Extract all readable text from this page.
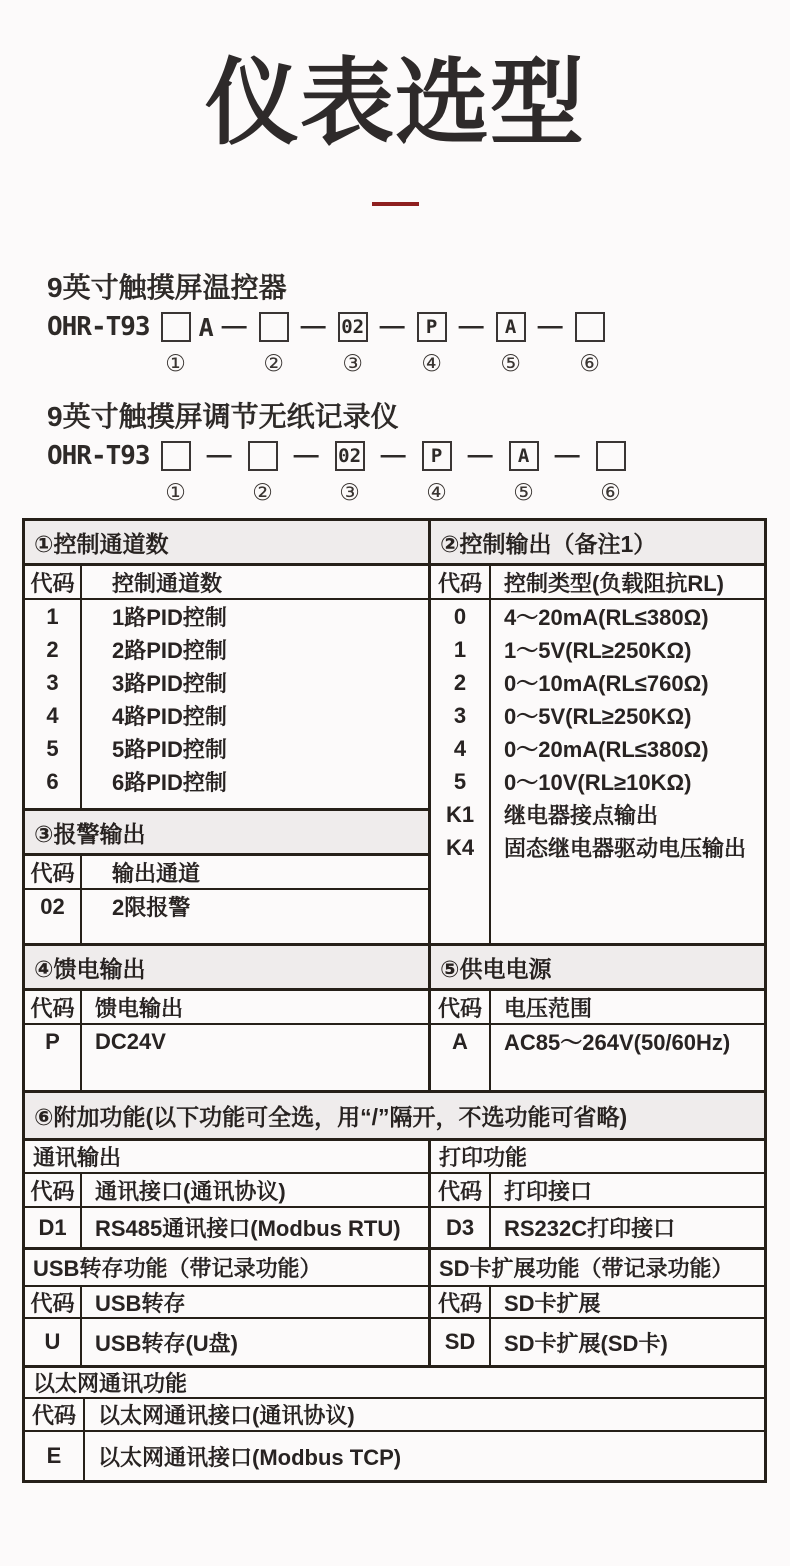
仪表选型
9英寸触摸屏温控器
OHR-T93
①
A —
②
— 02
③
—	P
④
—	A
⑤
—
⑥
9英寸触摸屏调节无纸记录仪
OHR-T93
①
—
②
— 02
③
—	P
④
—	A
⑤
—
⑥
①控制通道数
代码	控制通道数
1	1路PID控制
2	2路PID控制
3	3路PID控制
4	4路PID控制
5	5路PID控制
6	6路PID控制
③报警输出
代码	输出通道
02	2限报警
②控制输出（备注1）
代码	控制类型(负载阻抗RL)
0	4～20mA(RL≤380Ω)
1	1～5V(RL≥250KΩ)
2	0～10mA(RL≤760Ω)
3	0～5V(RL≥250KΩ)
4	0～20mA(RL≤380Ω)
5	0～10V(RL≥10KΩ)
K1	继电器接点输出
K4	固态继电器驱动电压输出
④馈电输出
代码 馈电输出
P	DC24V
⑤供电电源
代码	电压范围
A	AC85～264V(50/60Hz)
⑥附加功能(以下功能可全选，用“/”隔开，不选功能可省略)
通讯输出
代码 通讯接口(通讯协议)
D1	RS485通讯接口(Modbus RTU)
打印功能
代码	打印接口
D3	RS232C打印接口
USB转存功能（带记录功能）
代码 USB转存
U	USB转存(U盘)
SD卡扩展功能（带记录功能）
代码	SD卡扩展
SD	SD卡扩展(SD卡)
以太网通讯功能
代码	以太网通讯接口(通讯协议)
E	以太网通讯接口(Modbus TCP)
